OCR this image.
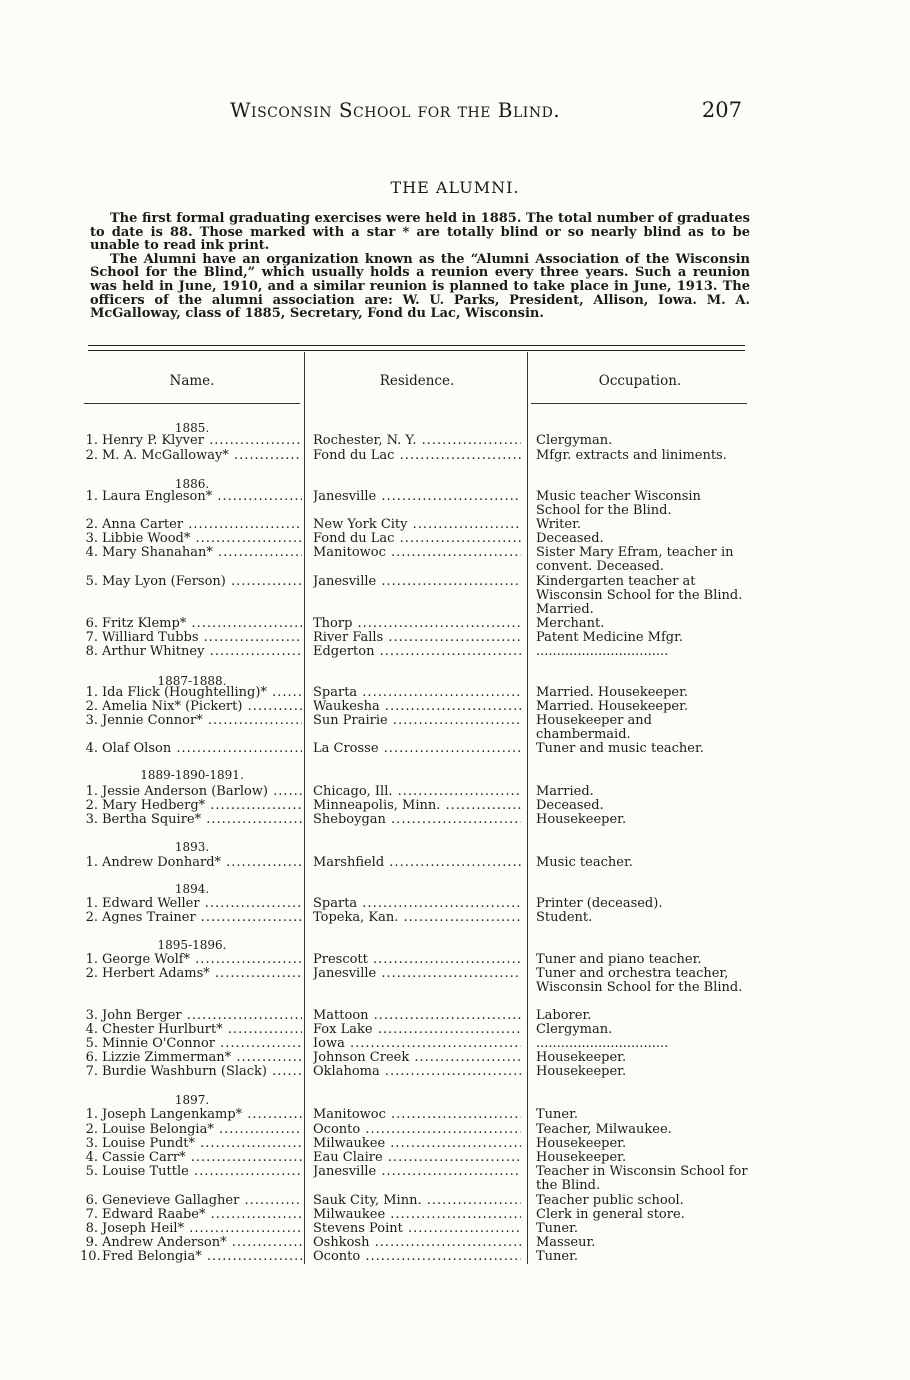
Wisconsin School for the Blind.	207
THE ALUMNI.

The first formal graduating exercises were held in 1885. The total number of graduates to date is 88. Those marked with a star * are totally blind or so nearly blind as to be unable to read ink print.

The Alumni have an organization known as the “Alumni Association of the Wisconsin School for the Blind,” which usually holds a reunion every three years. Such a reunion was held in June, 1910, and a similar reunion is planned to take place in June, 1913. The officers of the alumni association are: W. U. Parks, President, Allison, Iowa. M. A. McGalloway, class of 1885, Secretary, Fond du Lac, Wisconsin.

Name.	Residence.	Occupation.
1885.
1. Henry P. Klyver .....	Rochester, N. Y. .....	Clergyman.
2. M. A. McGalloway* .....	Fond du Lac .....	Mfgr. extracts and liniments.
1886.
1. Laura Engleson* .....	Janesville .....	Music teacher Wisconsin School for the Blind.
2. Anna Carter .....	New York City .....	Writer.
3. Libbie Wood* .....	Fond du Lac .....	Deceased.
4. Mary Shanahan* .....	Manitowoc .....	Sister Mary Efram, teacher in convent. Deceased.
5. May Lyon (Ferson) .....	Janesville .....	Kindergarten teacher at Wisconsin School for the Blind. Married.
6. Fritz Klemp* .....	Thorp .....	Merchant.
7. Williard Tubbs .....	River Falls .....	Patent Medicine Mfgr.
8. Arthur Whitney .....	Edgerton .....	................................
1887-1888.
1. Ida Flick (Houghtelling)* .....	Sparta .....	Married. Housekeeper.
2. Amelia Nix* (Pickert) .....	Waukesha .....	Married. Housekeeper.
3. Jennie Connor* .....	Sun Prairie .....	Housekeeper and chambermaid.
4. Olaf Olson .....	La Crosse .....	Tuner and music teacher.
1889-1890-1891.
1. Jessie Anderson (Barlow) .....	Chicago, Ill. .....	Married.
2. Mary Hedberg* .....	Minneapolis, Minn. .....	Deceased.
3. Bertha Squire* .....	Sheboygan .....	Housekeeper.
1893.
1. Andrew Donhard* .....	Marshfield .....	Music teacher.
1894.
1. Edward Weller .....	Sparta .....	Printer (deceased).
2. Agnes Trainer .....	Topeka, Kan. .....	Student.
1895-1896.
1. George Wolf* .....	Prescott .....	Tuner and piano teacher.
2. Herbert Adams* .....	Janesville .....	Tuner and orchestra teacher, Wisconsin School for the Blind.
3. John Berger .....	Mattoon .....	Laborer.
4. Chester Hurlburt* .....	Fox Lake .....	Clergyman.
5. Minnie O'Connor .....	Iowa .....	................................
6. Lizzie Zimmerman* .....	Johnson Creek .....	Housekeeper.
7. Burdie Washburn (Slack) .....	Oklahoma .....	Housekeeper.
1897.
1. Joseph Langenkamp* .....	Manitowoc .....	Tuner.
2. Louise Belongia* .....	Oconto .....	Teacher, Milwaukee.
3. Louise Pundt* .....	Milwaukee .....	Housekeeper.
4. Cassie Carr* .....	Eau Claire .....	Housekeeper.
5. Louise Tuttle .....	Janesville .....	Teacher in Wisconsin School for the Blind.
6. Genevieve Gallagher .....	Sauk City, Minn. .....	Teacher public school.
7. Edward Raabe* .....	Milwaukee .....	Clerk in general store.
8. Joseph Heil* .....	Stevens Point .....	Tuner.
9. Andrew Anderson* .....	Oshkosh .....	Masseur.
10.Fred Belongia* .....	Oconto .....	Tuner.
